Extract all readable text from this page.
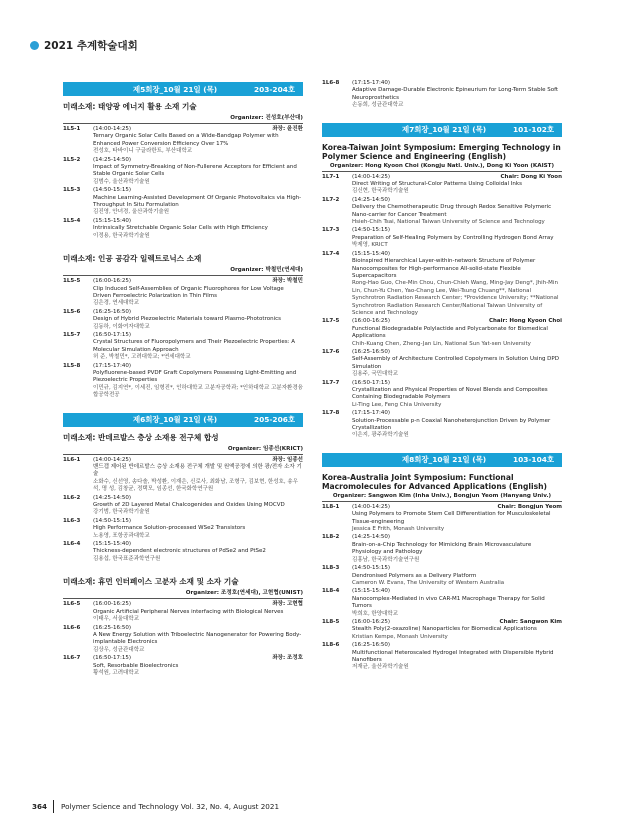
2021 추계학술대회
제5회장_10월 21일 (목)	203-204호
미래소재: 태양광 에너지 활용 소재 기술
Organizer: 진성호(부산대)
1L5-1	(14:00-14:25)	좌장: 윤진환
Ternary Organic Solar Cells Based on a Wide-Bandgap Polymer with Enhanced Power Conversion Efficiency Over 17%
전성호, 타바이니 구글라한트, 부산대학교
1L5-2	(14:25-14:50)
Impact of Symmetry-Breaking of Non-Fullerene Acceptors for Efficient and Stable Organic Solar Cells
김범수, 울산과학기술원
1L5-3	(14:50-15:15)
Machine Learning-Assisted Development Of Organic Photovoltaics via High-Throughput In Situ Formulation
김진영, 안녀경, 울산과학기술원
1L5-4	(15:15-15:40)
Intrinsically Stretchable Organic Solar Cells with High Efficiency
이정용, 한국과학기술원
미래소재: 인공 공감각 일렉트로닉스 소재
Organizer: 박철민(연세대)
1L5-5	(16:00-16:25)	좌장: 박철민
Clip Induced Self-Assemblies of Organic Fluorophores for Low Voltage Driven Ferroelectric Polarization in Thin Films
김은경, 연세대학교
1L5-6	(16:25-16:50)
Design of Hybrid Piezoelectric Materials toward Plasmo-Phototronics
김동하, 이화여자대학교
1L5-7	(16:50-17:15)
Crystal Structures of Fluoropolymers and Their Piezoelectric Properties: A Molecular Simulation Approach
허 준, 박철민*, 고려대학교; *연세대학교
1L5-8	(17:15-17:40)
Polyfluorene-based PVDF Graft Copolymers Possessing Light-Emitting and Piezoelectric Properties
이민규, 김지연*, 이세진, 임형진*, 인하대학교 고분자공학과; *인하대학교 고분자환경융합공학전공
제6회장_10월 21일 (목)	205-206호
미래소재: 반데르발스 층상 소재용 전구체 합성
Organizer: 임종선(KRICT)
1L6-1	(14:00-14:25)	좌장: 임종선
밴드갭 제어된 반데르발스 층상 소재용 전구체 개발 및 원액공정에 의한 광/전자 소자 기술
소화수, 신선영, 송다솔, 박성환, 이재은, 신로사, 최화남, 조형구, 김보현, 한성호, 송우석, 명 성, 김창균, 정택모, 임종선, 한국화학연구원
1L6-2	(14:25-14:50)
Growth of 2D Layered Metal Chalcogenides and Oxides Using MOCVD
강기범, 한국과학기술원
1L6-3	(14:50-15:15)
High Performance Solution-processed WSe2 Transistors
노용영, 포항공과대학교
1L6-4	(15:15-15:40)
Thickness-dependent electronic structures of PdSe2 and PtSe2
김용섭, 한국표준과학연구원
미래소재: 휴먼 인터페이스 고분자 소재 및 소자 기술
Organizer: 조정호(연세대), 고현협(UNIST)
1L6-5	(16:00-16:25)	좌장: 고현협
Organic Artificial Peripheral Nerves interfacing with Biological Nerves
이태우, 서울대학교
1L6-6	(16:25-16:50)
A New Energy Solution with Triboelectric Nanogenerator for Powering Body-implantable Electronics
김상우, 성균관대학교
1L6-7	(16:50-17:15)	좌장: 조정호
Soft, Resorbable Bioelectronics
황석원, 고려대학교
1L6-8	(17:15-17:40)
Adaptive Damage-Durable Electronic Epineurium for Long-Term Stable Soft Neuroprosthetics
손동희, 성균관대학교
제7회장_10월 21일 (목)	101-102호
Korea-Taiwan Joint Symposium: Emerging Technology in Polymer Science and Engineering (English)
Organizer: Hong Kyoon Choi (Kongju Natl. Univ.), Dong Ki Yoon (KAIST)
1L7-1	(14:00-14:25)	Chair: Dong Ki Yoon
Direct Writing of Structural-Color Patterns Using Colloidal Inks
김신현, 한국과학기술원
1L7-2	(14:25-14:50)
Delivery the Chemotherapeutic Drug through Redox Sensitive Polymeric Nano-carrier for Cancer Treatment
Hsieh-Chih Tsai, National Taiwan University of Science and Technology
1L7-3	(14:50-15:15)
Preparation of Self-Healing Polymers by Controlling Hydrogen Bond Array
박제영, KRICT
1L7-4	(15:15-15:40)
Bioinspired Hierarchical Layer-within-network Structure of Polymer Nanocomposites for High-performance All-solid-state Flexible Supercapacitors
Rong-Hao Guo, Che-Min Chou, Chun-Chieh Wang, Ming-Jay Deng*, Jhih-Min Lin, Chun-Yu Chen, Yao-Chang Lee, Wei-Tsung Chuang**, National Synchrotron Radiation Research Center; *Providence University; **National Synchrotron Radiation Research Center/National Taiwan University of Science and Technology
1L7-5	(16:00-16:25)	Chair: Hong Kyoon Choi
Functional Biodegradable Polylactide and Polycarbonate for Biomedical Applications
Chih-Kuang Chen, Zheng-Jan Lin, National Sun Yat-sen University
1L7-6	(16:25-16:50)
Self-Assembly of Architecture Controlled Copolymers in Solution Using DPD Simulation
김용주, 국민대학교
1L7-7	(16:50-17:15)
Crystallization and Physical Properties of Novel Blends and Composites Containing Biodegradable Polymers
Li-Ting Lee, Feng Chia University
1L7-8	(17:15-17:40)
Solution-Processable p-n Coaxial Nanoheterojunction Driven by Polymer Crystallization
이은지, 광주과학기술원
제8회장_10월 21일 (목)	103-104호
Korea-Australia Joint Symposium: Functional Macromolecules for Advanced Applications (English)
Organizer: Sangwon Kim (Inha Univ.), Bongjun Yeom (Hanyang Univ.)
1L8-1	(14:00-14:25)	Chair: Bongjun Yeom
Using Polymers to Promote Stem Cell Differentiation for Musculoskeletal Tissue-engineering
Jessica E Frith, Monash University
1L8-2	(14:25-14:50)
Brain-on-a-Chip Technology for Mimicking Brain Microvasculature Physiology and Pathology
김홍남, 한국과학기술연구원
1L8-3	(14:50-15:15)
Dendronised Polymers as a Delivery Platform
Cameron W. Evans, The University of Western Australia
1L8-4	(15:15-15:40)
Nanocomplex-Mediated in vivo CAR-M1 Macrophage Therapy for Solid Tumors
박희호, 한양대학교
1L8-5	(16:00-16:25)	Chair: Sangwon Kim
Stealth Poly(2-oxazoline) Nanoparticles for Biomedical Applications
Kristian Kempe, Monash University
1L8-6	(16:25-16:50)
Multifunctional Heteroscaled Hydrogel Integrated with Dispersible Hybrid Nanofibers
저재균, 울산과학기술원
364 Polymer Science and Technology Vol. 32, No. 4, August 2021
